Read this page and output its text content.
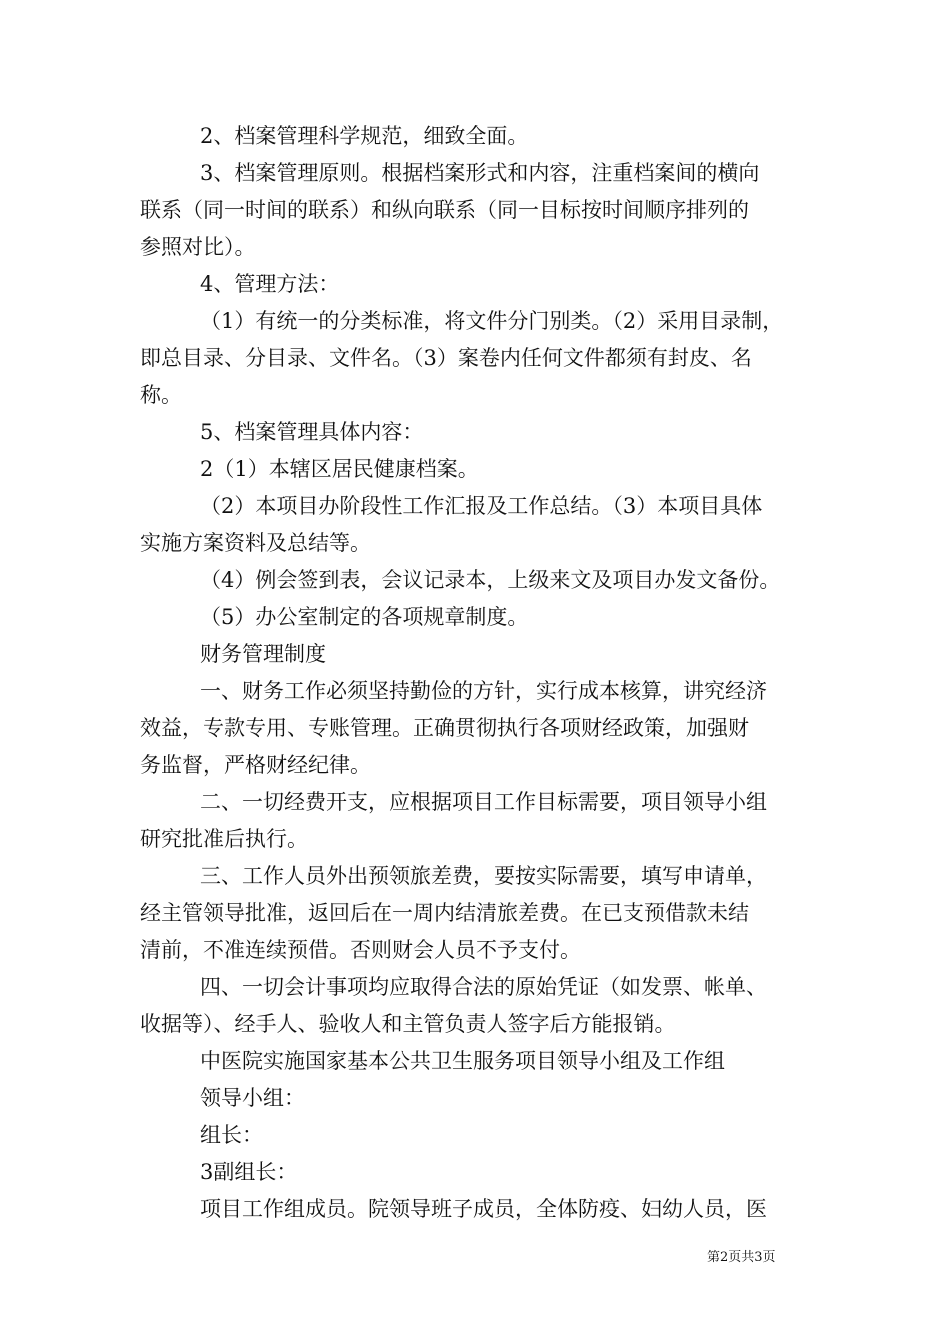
2、档案管理科学规范，细致全面。
3、档案管理原则。根据档案形式和内容，注重档案间的横向
联系（同一时间的联系）和纵向联系（同一目标按时间顺序排列的
参照对比）。
4、管理方法：
（1）有统一的分类标准，将文件分门别类。（2）采用目录制，
即总目录、分目录、文件名。（3）案卷内任何文件都须有封皮、名
称。
5、档案管理具体内容：
2（1）本辖区居民健康档案。
（2）本项目办阶段性工作汇报及工作总结。（3）本项目具体
实施方案资料及总结等。
（4）例会签到表，会议记录本，上级来文及项目办发文备份。
（5）办公室制定的各项规章制度。
财务管理制度
一、财务工作必须坚持勤俭的方针，实行成本核算，讲究经济
效益，专款专用、专账管理。正确贯彻执行各项财经政策，加强财
务监督，严格财经纪律。
二、一切经费开支，应根据项目工作目标需要，项目领导小组
研究批准后执行。
三、工作人员外出预领旅差费，要按实际需要，填写申请单，
经主管领导批准，返回后在一周内结清旅差费。在已支预借款未结
清前，不准连续预借。否则财会人员不予支付。
四、一切会计事项均应取得合法的原始凭证（如发票、帐单、
收据等）、经手人、验收人和主管负责人签字后方能报销。
中医院实施国家基本公共卫生服务项目领导小组及工作组
领导小组：
组长：
3副组长：
项目工作组成员。院领导班子成员，全体防疫、妇幼人员，医
第2页共3页
